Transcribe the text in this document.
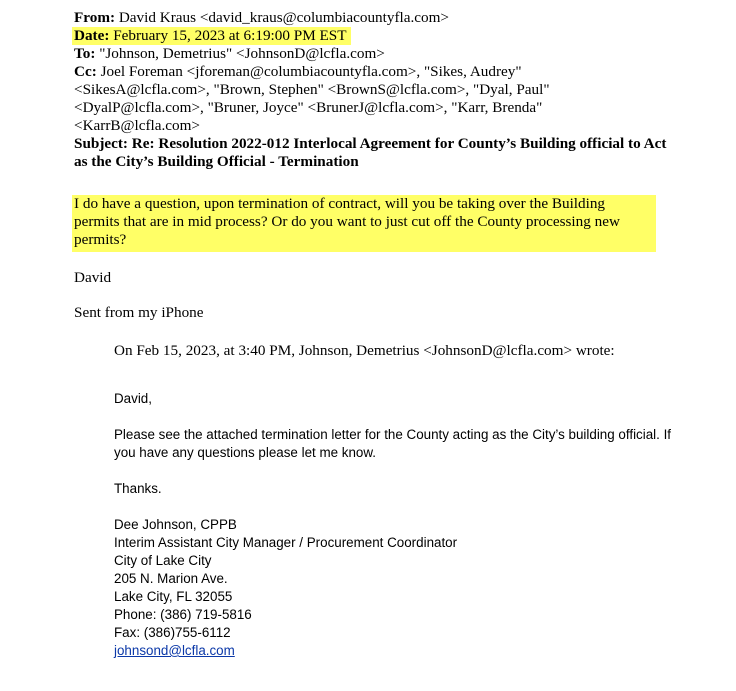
From: David Kraus <david_kraus@columbiacountyfla.com>
Date: February 15, 2023 at 6:19:00 PM EST
To: "Johnson, Demetrius" <JohnsonD@lcfla.com>
Cc: Joel Foreman <jforeman@columbiacountyfla.com>, "Sikes, Audrey"
<SikesA@lcfla.com>, "Brown, Stephen" <BrownS@lcfla.com>, "Dyal, Paul"
<DyalP@lcfla.com>, "Bruner, Joyce" <BrunerJ@lcfla.com>, "Karr, Brenda"
<KarrB@lcfla.com>
Subject: Re: Resolution 2022-012 Interlocal Agreement for County’s Building official to Act as the City’s Building Official - Termination
I do have a question, upon termination of contract, will you be taking over the Building permits that are in mid process? Or do you want to just cut off the County processing new permits?
David
Sent from my iPhone
On Feb 15, 2023, at 3:40 PM, Johnson, Demetrius <JohnsonD@lcfla.com> wrote:

David,

Please see the attached termination letter for the County acting as the City’s building official. If you have any questions please let me know.

Thanks.

Dee Johnson, CPPB
Interim Assistant City Manager / Procurement Coordinator
City of Lake City
205 N. Marion Ave.
Lake City, FL 32055
Phone: (386) 719-5816
Fax: (386)755-6112
johnsond@lcfla.com
